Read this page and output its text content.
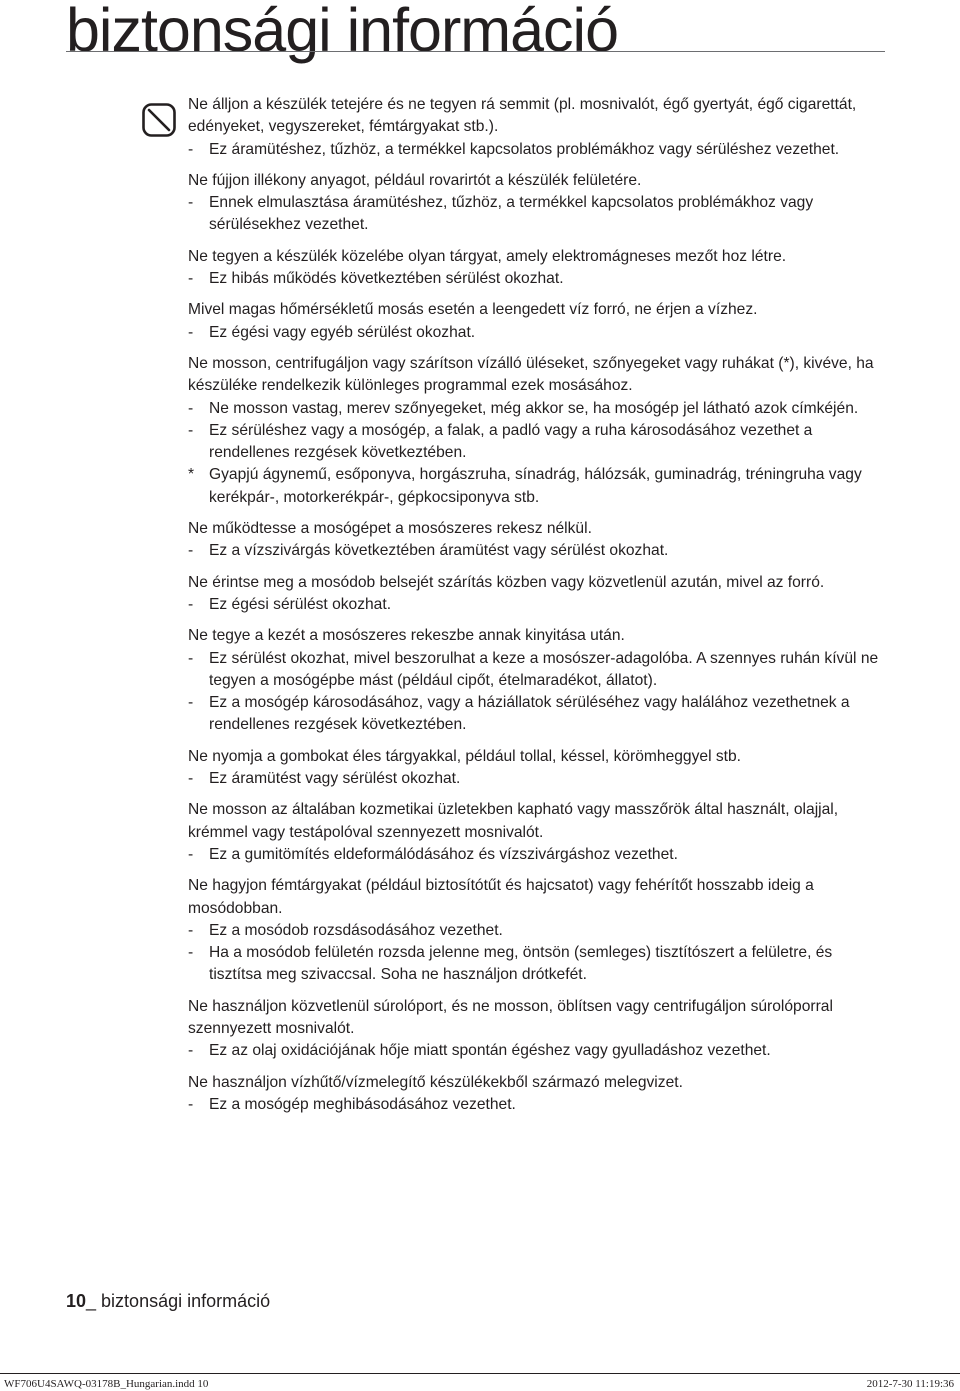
biztonsági információ

Ne álljon a készülék tetejére és ne tegyen rá semmit (pl. mosnivalót, égő gyertyát, égő cigarettát, edényeket, vegyszereket, fémtárgyakat stb.).

- Ez áramütéshez, tűzhöz, a termékkel kapcsolatos problémákhoz vagy sérüléshez vezethet.

Ne fújjon illékony anyagot, például rovarirtót a készülék felületére.

- Ennek elmulasztása áramütéshez, tűzhöz, a termékkel kapcsolatos problémákhoz vagy sérülésekhez vezethet.

Ne tegyen a készülék közelébe olyan tárgyat, amely elektromágneses mezőt hoz létre.

- Ez hibás működés következtében sérülést okozhat.

Mivel magas hőmérsékletű mosás esetén a leengedett víz forró, ne érjen a vízhez.

- Ez égési vagy egyéb sérülést okozhat.

Ne mosson, centrifugáljon vagy szárítson vízálló üléseket, szőnyegeket vagy ruhákat (*), kivéve, ha készüléke rendelkezik különleges programmal ezek mosásához.

- Ne mosson vastag, merev szőnyegeket, még akkor se, ha mosógép jel látható azok címkéjén.
- Ez sérüléshez vagy a mosógép, a falak, a padló vagy a ruha károsodásához vezethet a rendellenes rezgések következtében.
* Gyapjú ágynemű, esőponyva, horgászruha, sínadrág, hálózsák, guminadrág, tréningruha vagy kerékpár-, motorkerékpár-, gépkocsiponyva stb.

Ne működtesse a mosógépet a mosószeres rekesz nélkül.

- Ez a vízszivárgás következtében áramütést vagy sérülést okozhat.

Ne érintse meg a mosódob belsejét szárítás közben vagy közvetlenül azután, mivel az forró.

- Ez égési sérülést okozhat.

Ne tegye a kezét a mosószeres rekeszbe annak kinyitása után.

- Ez sérülést okozhat, mivel beszorulhat a keze a mosószer-adagolóba. A szennyes ruhán kívül ne tegyen a mosógépbe mást (például cipőt, ételmaradékot, állatot).
- Ez a mosógép károsodásához, vagy a háziállatok sérüléséhez vagy halálához vezethetnek a rendellenes rezgések következtében.

Ne nyomja a gombokat éles tárgyakkal, például tollal, késsel, körömheggyel stb.

- Ez áramütést vagy sérülést okozhat.

Ne mosson az általában kozmetikai üzletekben kapható vagy masszőrök által használt, olajjal, krémmel vagy testápolóval szennyezett mosnivalót.

- Ez a gumitömítés eldeformálódásához és vízszivárgáshoz vezethet.

Ne hagyjon fémtárgyakat (például biztosítótűt és hajcsatot) vagy fehérítőt hosszabb ideig a mosódobban.

- Ez a mosódob rozsdásodásához vezethet.
- Ha a mosódob felületén rozsda jelenne meg, öntsön (semleges) tisztítószert a felületre, és tisztítsa meg szivaccsal. Soha ne használjon drótkefét.

Ne használjon közvetlenül súrolóport, és ne mosson, öblítsen vagy centrifugáljon súrolóporral szennyezett mosnivalót.

- Ez az olaj oxidációjának hője miatt spontán égéshez vagy gyulladáshoz vezethet.

Ne használjon vízhűtő/vízmelegítő készülékekből származó melegvizet.

- Ez a mosógép meghibásodásához vezethet.
10_ biztonsági információ
WF706U4SAWQ-03178B_Hungarian.indd 10	2012-7-30 11:19:36
